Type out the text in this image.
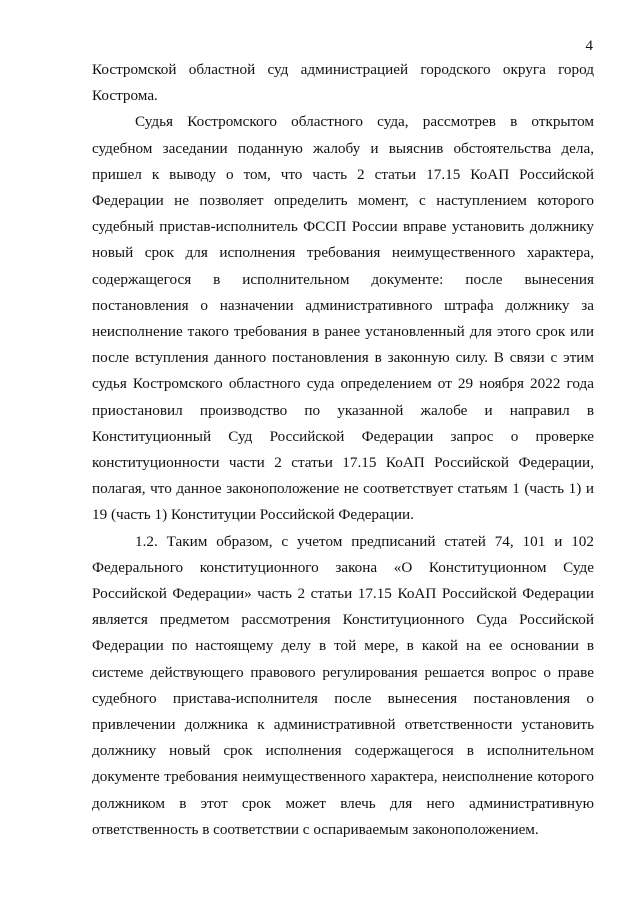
4

Костромской областной суд администрацией городского округа город Кострома.

Судья Костромского областного суда, рассмотрев в открытом судебном заседании поданную жалобу и выяснив обстоятельства дела, пришел к выводу о том, что часть 2 статьи 17.15 КоАП Российской Федерации не позволяет определить момент, с наступлением которого судебный пристав-исполнитель ФССП России вправе установить должнику новый срок для исполнения требования неимущественного характера, содержащегося в исполнительном документе: после вынесения постановления о назначении административного штрафа должнику за неисполнение такого требования в ранее установленный для этого срок или после вступления данного постановления в законную силу. В связи с этим судья Костромского областного суда определением от 29 ноября 2022 года приостановил производство по указанной жалобе и направил в Конституционный Суд Российской Федерации запрос о проверке конституционности части 2 статьи 17.15 КоАП Российской Федерации, полагая, что данное законоположение не соответствует статьям 1 (часть 1) и 19 (часть 1) Конституции Российской Федерации.

1.2. Таким образом, с учетом предписаний статей 74, 101 и 102 Федерального конституционного закона «О Конституционном Суде Российской Федерации» часть 2 статьи 17.15 КоАП Российской Федерации является предметом рассмотрения Конституционного Суда Российской Федерации по настоящему делу в той мере, в какой на ее основании в системе действующего правового регулирования решается вопрос о праве судебного пристава-исполнителя после вынесения постановления о привлечении должника к административной ответственности установить должнику новый срок исполнения содержащегося в исполнительном документе требования неимущественного характера, неисполнение которого должником в этот срок может влечь для него административную ответственность в соответствии с оспариваемым законоположением.
